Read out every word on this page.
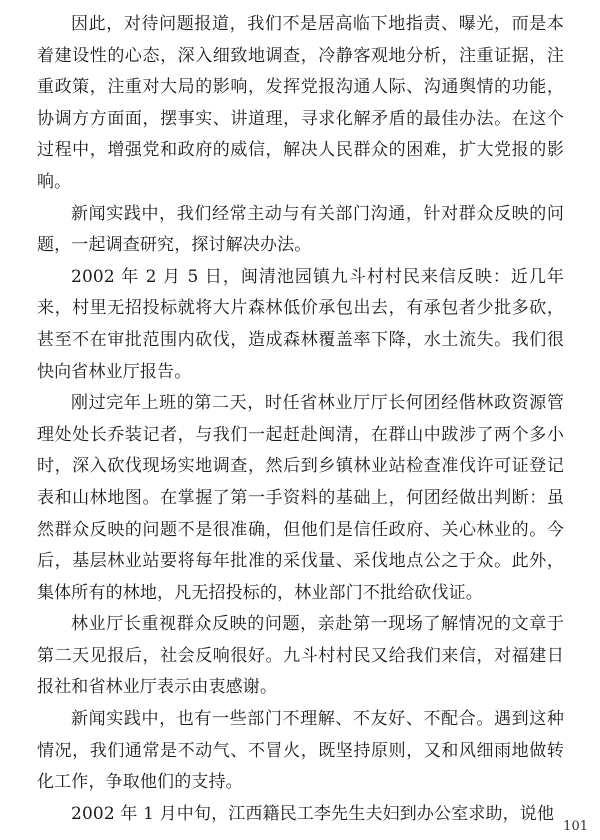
因此，对待问题报道，我们不是居高临下地指责、曝光，而是本着建设性的心态，深入细致地调查，冷静客观地分析，注重证据，注重政策，注重对大局的影响，发挥党报沟通人际、沟通舆情的功能，协调方方面面，摆事实、讲道理，寻求化解矛盾的最佳办法。在这个过程中，增强党和政府的威信，解决人民群众的困难，扩大党报的影响。

新闻实践中，我们经常主动与有关部门沟通，针对群众反映的问题，一起调查研究，探讨解决办法。

2002 年 2 月 5 日，闽清池园镇九斗村村民来信反映：近几年来，村里无招投标就将大片森林低价承包出去，有承包者少批多砍，甚至不在审批范围内砍伐，造成森林覆盖率下降，水土流失。我们很快向省林业厅报告。

刚过完年上班的第二天，时任省林业厅厅长何团经偕林政资源管理处处长乔装记者，与我们一起赶赴闽清，在群山中跋涉了两个多小时，深入砍伐现场实地调查，然后到乡镇林业站检查准伐许可证登记表和山林地图。在掌握了第一手资料的基础上，何团经做出判断：虽然群众反映的问题不是很准确，但他们是信任政府、关心林业的。今后，基层林业站要将每年批准的采伐量、采伐地点公之于众。此外，集体所有的林地，凡无招投标的，林业部门不批给砍伐证。

林业厅长重视群众反映的问题，亲赴第一现场了解情况的文章于第二天见报后，社会反响很好。九斗村村民又给我们来信，对福建日报社和省林业厅表示由衷感谢。

新闻实践中，也有一些部门不理解、不友好、不配合。遇到这种情况，我们通常是不动气、不冒火，既坚持原则，又和风细雨地做转化工作，争取他们的支持。

2002 年 1 月中旬，江西籍民工李先生夫妇到办公室求助，说他

101
